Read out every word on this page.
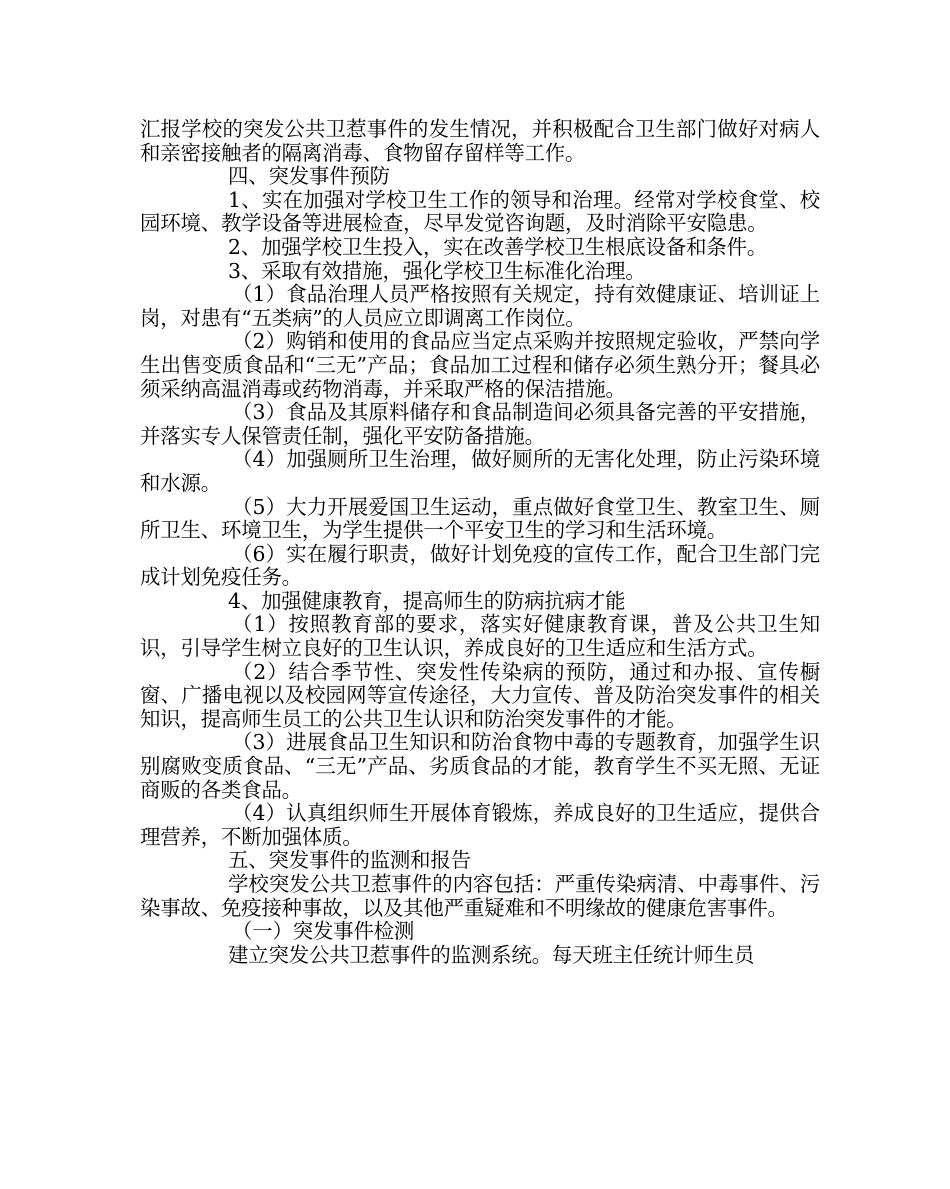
汇报学校的突发公共卫惹事件的发生情况，并积极配合卫生部门做好对病人和亲密接触者的隔离消毒、食物留存留样等工作。

四、突发事件预防

1、实在加强对学校卫生工作的领导和治理。经常对学校食堂、校园环境、教学设备等进展检查，尽早发觉咨询题，及时消除平安隐患。

2、加强学校卫生投入，实在改善学校卫生根底设备和条件。

3、采取有效措施，强化学校卫生标准化治理。

（1）食品治理人员严格按照有关规定，持有效健康证、培训证上岗，对患有“五类病”的人员应立即调离工作岗位。

（2）购销和使用的食品应当定点采购并按照规定验收，严禁向学生出售变质食品和“三无”产品；食品加工过程和储存必须生熟分开；餐具必须采纳高温消毒或药物消毒，并采取严格的保洁措施。

（3）食品及其原料储存和食品制造间必须具备完善的平安措施，并落实专人保管责任制，强化平安防备措施。

（4）加强厕所卫生治理，做好厕所的无害化处理，防止污染环境和水源。

（5）大力开展爱国卫生运动，重点做好食堂卫生、教室卫生、厕所卫生、环境卫生，为学生提供一个平安卫生的学习和生活环境。

（6）实在履行职责，做好计划免疫的宣传工作，配合卫生部门完成计划免疫任务。

4、加强健康教育，提高师生的防病抗病才能

（1）按照教育部的要求，落实好健康教育课，普及公共卫生知识，引导学生树立良好的卫生认识，养成良好的卫生适应和生活方式。

（2）结合季节性、突发性传染病的预防，通过和办报、宣传橱窗、广播电视以及校园网等宣传途径，大力宣传、普及防治突发事件的相关知识，提高师生员工的公共卫生认识和防治突发事件的才能。

（3）进展食品卫生知识和防治食物中毒的专题教育，加强学生识别腐败变质食品、“三无”产品、劣质食品的才能，教育学生不买无照、无证商贩的各类食品。

（4）认真组织师生开展体育锻炼，养成良好的卫生适应，提供合理营养，不断加强体质。

五、突发事件的监测和报告

学校突发公共卫惹事件的内容包括：严重传染病清、中毒事件、污染事故、免疫接种事故，以及其他严重疑难和不明缘故的健康危害事件。

（一）突发事件检测

建立突发公共卫惹事件的监测系统。每天班主任统计师生员
